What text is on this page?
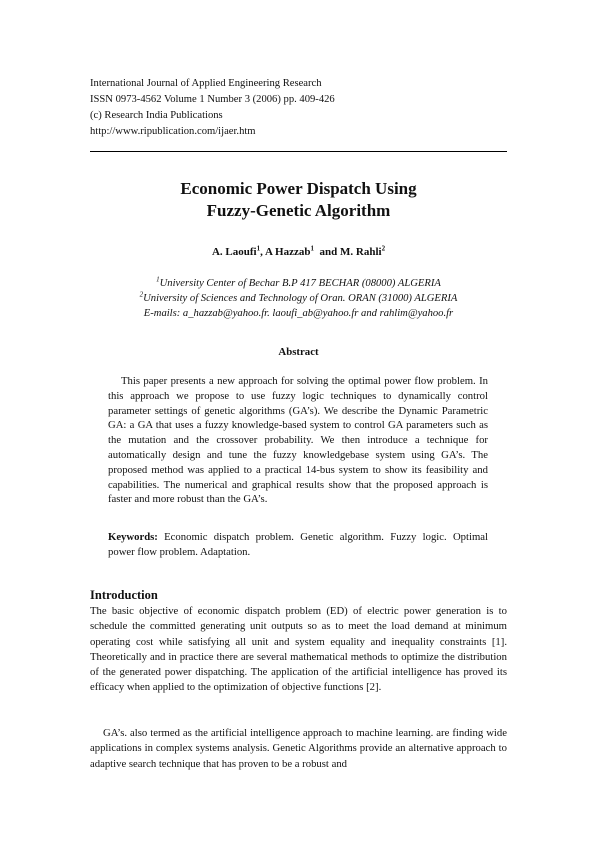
International Journal of Applied Engineering Research
ISSN 0973-4562 Volume 1 Number 3 (2006) pp. 409-426
(c) Research India Publications
http://www.ripublication.com/ijaer.htm
Economic Power Dispatch Using
Fuzzy-Genetic Algorithm
A. Laoufi$^1$, A Hazzab$^1$  and M. Rahli$^2$
$^1$University Center of Bechar B.P 417 BECHAR (08000) ALGERIA
$^2$University of Sciences and Technology of Oran. ORAN (31000) ALGERIA
E-mails: a_hazzab@yahoo.fr. laoufi_ab@yahoo.fr and rahlim@yahoo.fr
Abstract

This paper presents a new approach for solving the optimal power flow problem. In this approach we propose to use fuzzy logic techniques to dynamically control parameter settings of genetic algorithms (GA’s). We describe the Dynamic Parametric GA: a GA that uses a fuzzy knowledge-based system to control GA parameters such as the mutation and the crossover probability. We then introduce a technique for automatically design and tune the fuzzy knowledgebase system using GA’s. The proposed method was applied to a practical 14-bus system to show its feasibility and capabilities. The numerical and graphical results show that the proposed approach is faster and more robust than the GA’s.

Keywords: Economic dispatch problem. Genetic algorithm. Fuzzy logic. Optimal power flow problem. Adaptation.

Introduction

The basic objective of economic dispatch problem (ED) of electric power generation is to schedule the committed generating unit outputs so as to meet the load demand at minimum operating cost while satisfying all unit and system equality and inequality constraints [1]. Theoretically and in practice there are several mathematical methods to optimize the distribution of the generated power dispatching. The application of the artificial intelligence has proved its efficacy when applied to the optimization of objective functions [2].

GA’s. also termed as the artificial intelligence approach to machine learning. are finding wide applications in complex systems analysis. Genetic Algorithms provide an alternative approach to adaptive search technique that has proven to be a robust and
